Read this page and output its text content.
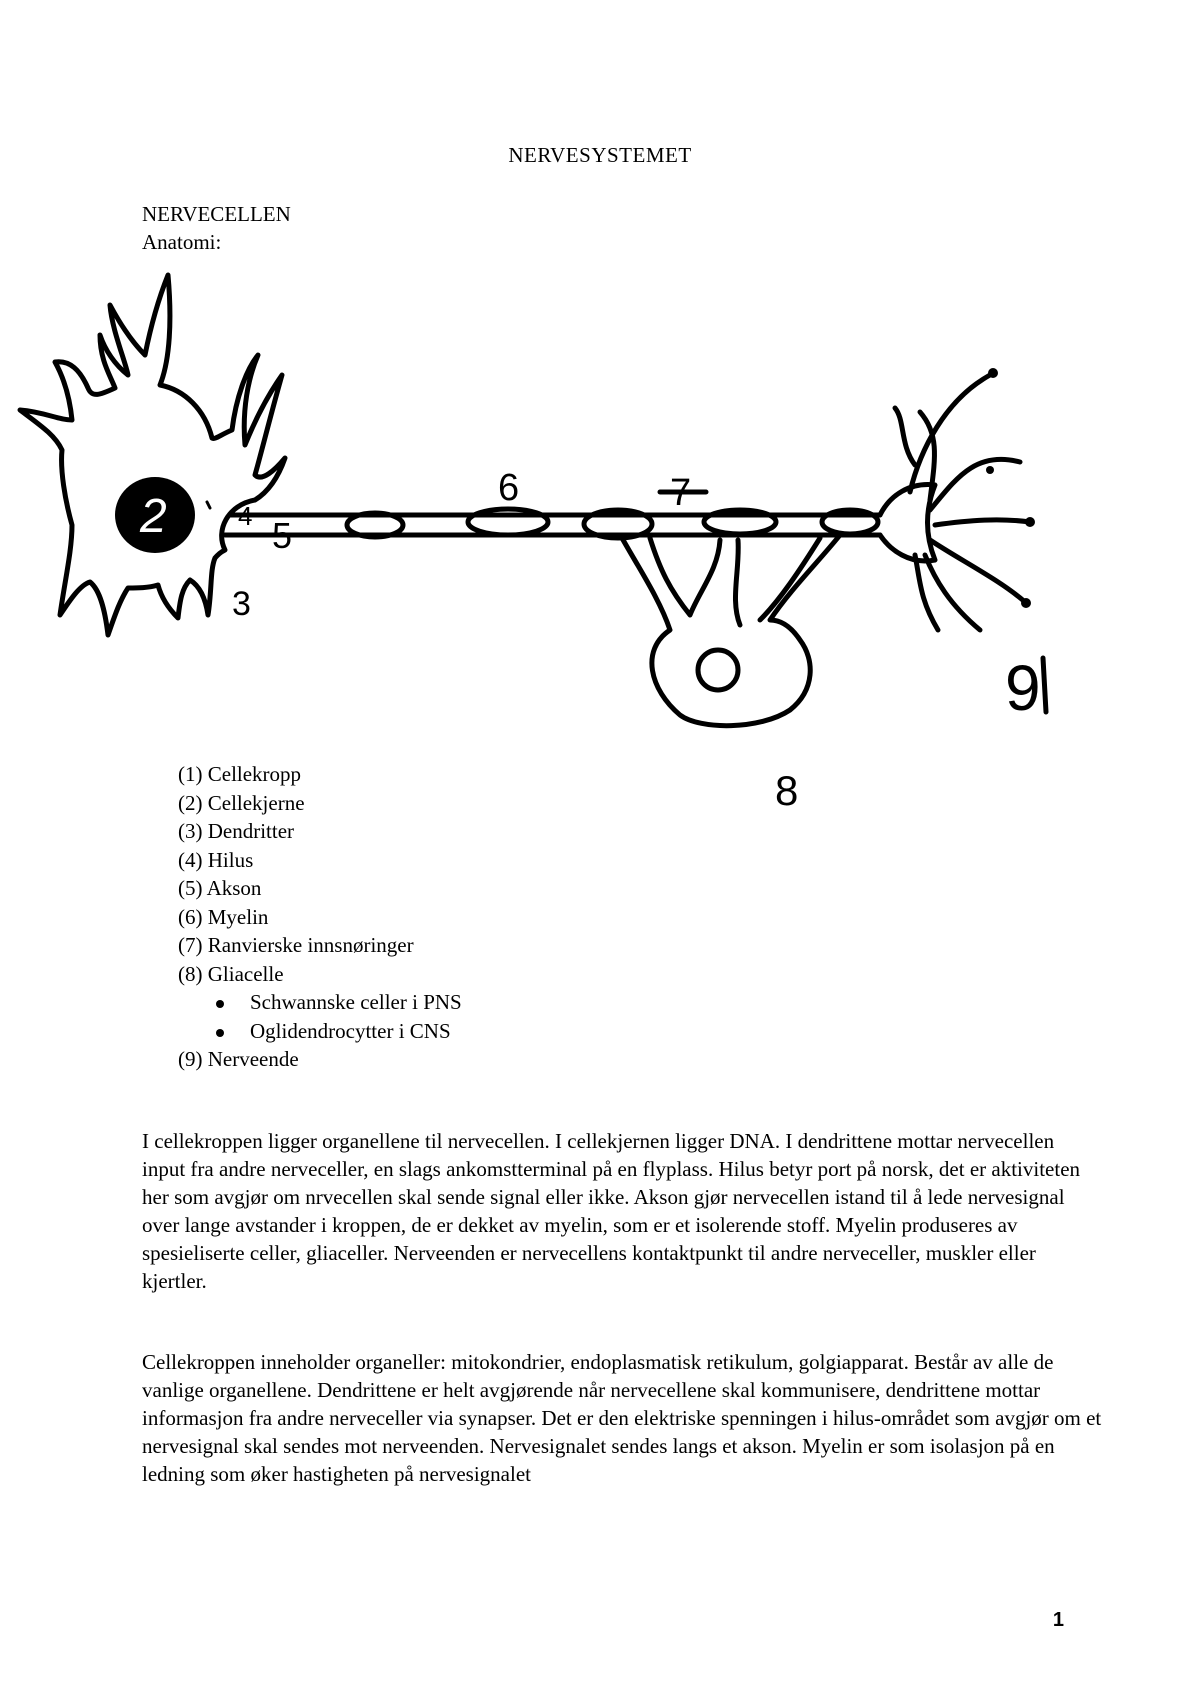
NERVESYSTEMET
NERVECELLEN
Anatomi:
2
3
4 5
6	7
9
8
(1) Cellekropp
(2) Cellekjerne
(3) Dendritter
(4) Hilus
(5) Akson
(6) Myelin
(7) Ranvierske innsnøringer
(8) Gliacelle
Schwannske celler i PNS
Oglidendrocytter i CNS
(9) Nerveende

I cellekroppen ligger organellene til nervecellen. I cellekjernen ligger DNA. I dendrittene mottar nervecellen input fra andre nerveceller, en slags ankomstterminal på en flyplass. Hilus betyr port på norsk, det er aktiviteten her som avgjør om nrvecellen skal sende signal eller ikke. Akson gjør nervecellen istand til å lede nervesignal over lange avstander i kroppen, de er dekket av myelin, som er et isolerende stoff. Myelin produseres av spesieliserte celler, gliaceller. Nerveenden er nervecellens kontaktpunkt til andre nerveceller, muskler eller kjertler.

Cellekroppen inneholder organeller: mitokondrier, endoplasmatisk retikulum, golgiapparat. Består av alle de vanlige organellene. Dendrittene er helt avgjørende når nervecellene skal kommunisere, dendrittene mottar informasjon fra andre nerveceller via synapser. Det er den elektriske spenningen i hilus-området som avgjør om et nervesignal skal sendes mot nerveenden. Nervesignalet sendes langs et akson. Myelin er som isolasjon på en ledning som øker hastigheten på nervesignalet

1
